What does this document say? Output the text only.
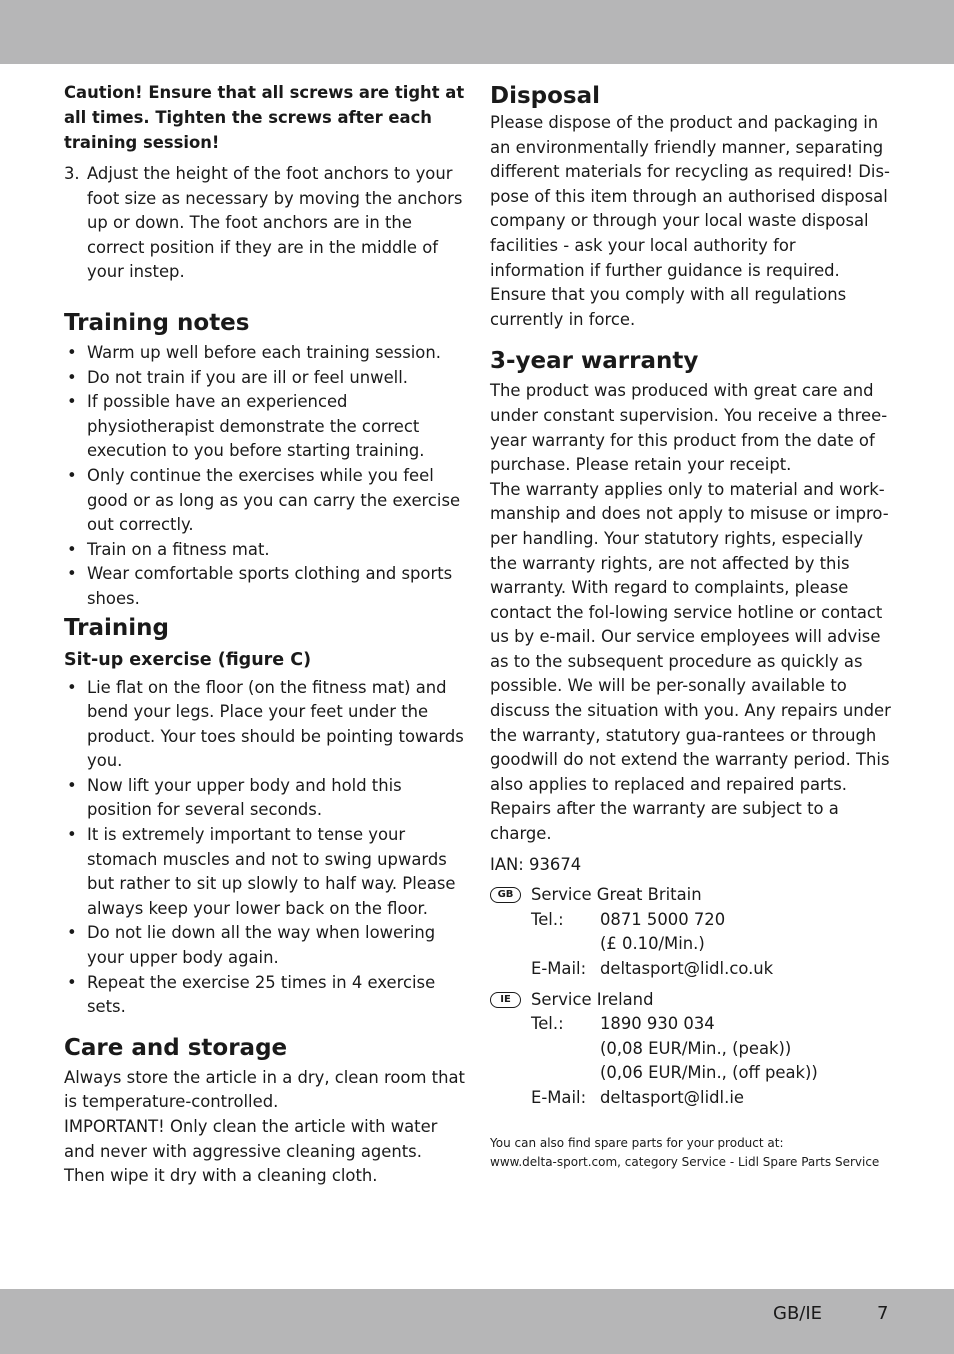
Caution! Ensure that all screws are tight at all times. Tighten the screws after each training session!

3. Adjust the height of the foot anchors to your foot size as necessary by moving the anchors up or down. The foot anchors are in the correct position if they are in the middle of your instep.
Training notes
• Warm up well before each training session.
• Do not train if you are ill or feel unwell.
• If possible have an experienced physiotherapist demonstrate the correct execution to you before starting training.
• Only continue the exercises while you feel good or as long as you can carry the exercise out correctly.
• Train on a fitness mat.
• Wear comfortable sports clothing and sports shoes.
Training
Sit-up exercise (figure C)
• Lie flat on the floor (on the fitness mat) and bend your legs. Place your feet under the product. Your toes should be pointing towards you.
• Now lift your upper body and hold this position for several seconds.
• It is extremely important to tense your stomach muscles and not to swing upwards but rather to sit up slowly to half way. Please always keep your lower back on the floor.
• Do not lie down all the way when lowering your upper body again.
• Repeat the exercise 25 times in 4 exercise sets.
Care and storage

Always store the article in a dry, clean room that is temperature-controlled.

IMPORTANT! Only clean the article with water and never with aggressive cleaning agents. Then wipe it dry with a cleaning cloth.

Disposal

Please dispose of the product and packaging in an environmentally friendly manner, separating different materials for recycling as required! Dis-pose of this item through an authorised disposal company or through your local waste disposal facilities - ask your local authority for information if further guidance is required. Ensure that you comply with all regulations currently in force.

3-year warranty

The product was produced with great care and under constant supervision. You receive a three-year warranty for this product from the date of purchase. Please retain your receipt.

The warranty applies only to material and work-manship and does not apply to misuse or impro-per handling. Your statutory rights, especially the warranty rights, are not affected by this warranty. With regard to complaints, please contact the fol-lowing service hotline or contact us by e-mail. Our service employees will advise as to the subsequent procedure as quickly as possible. We will be per-sonally available to discuss the situation with you. Any repairs under the warranty, statutory gua-rantees or through goodwill do not extend the warranty period. This also applies to replaced and repaired parts.

Repairs after the warranty are subject to a charge.

IAN: 93674

GB	Service Great Britain
Tel.:	0871 5000 720
(£ 0.10/Min.)
E-Mail: deltasport@lidl.co.uk
IE	Service Ireland
Tel.:	1890 930 034
(0,08 EUR/Min., (peak))
(0,06 EUR/Min., (off peak))
E-Mail: deltasport@lidl.ie

You can also find spare parts for your product at:

www.delta-sport.com, category Service - Lidl Spare Parts Service

GB/IE	7
